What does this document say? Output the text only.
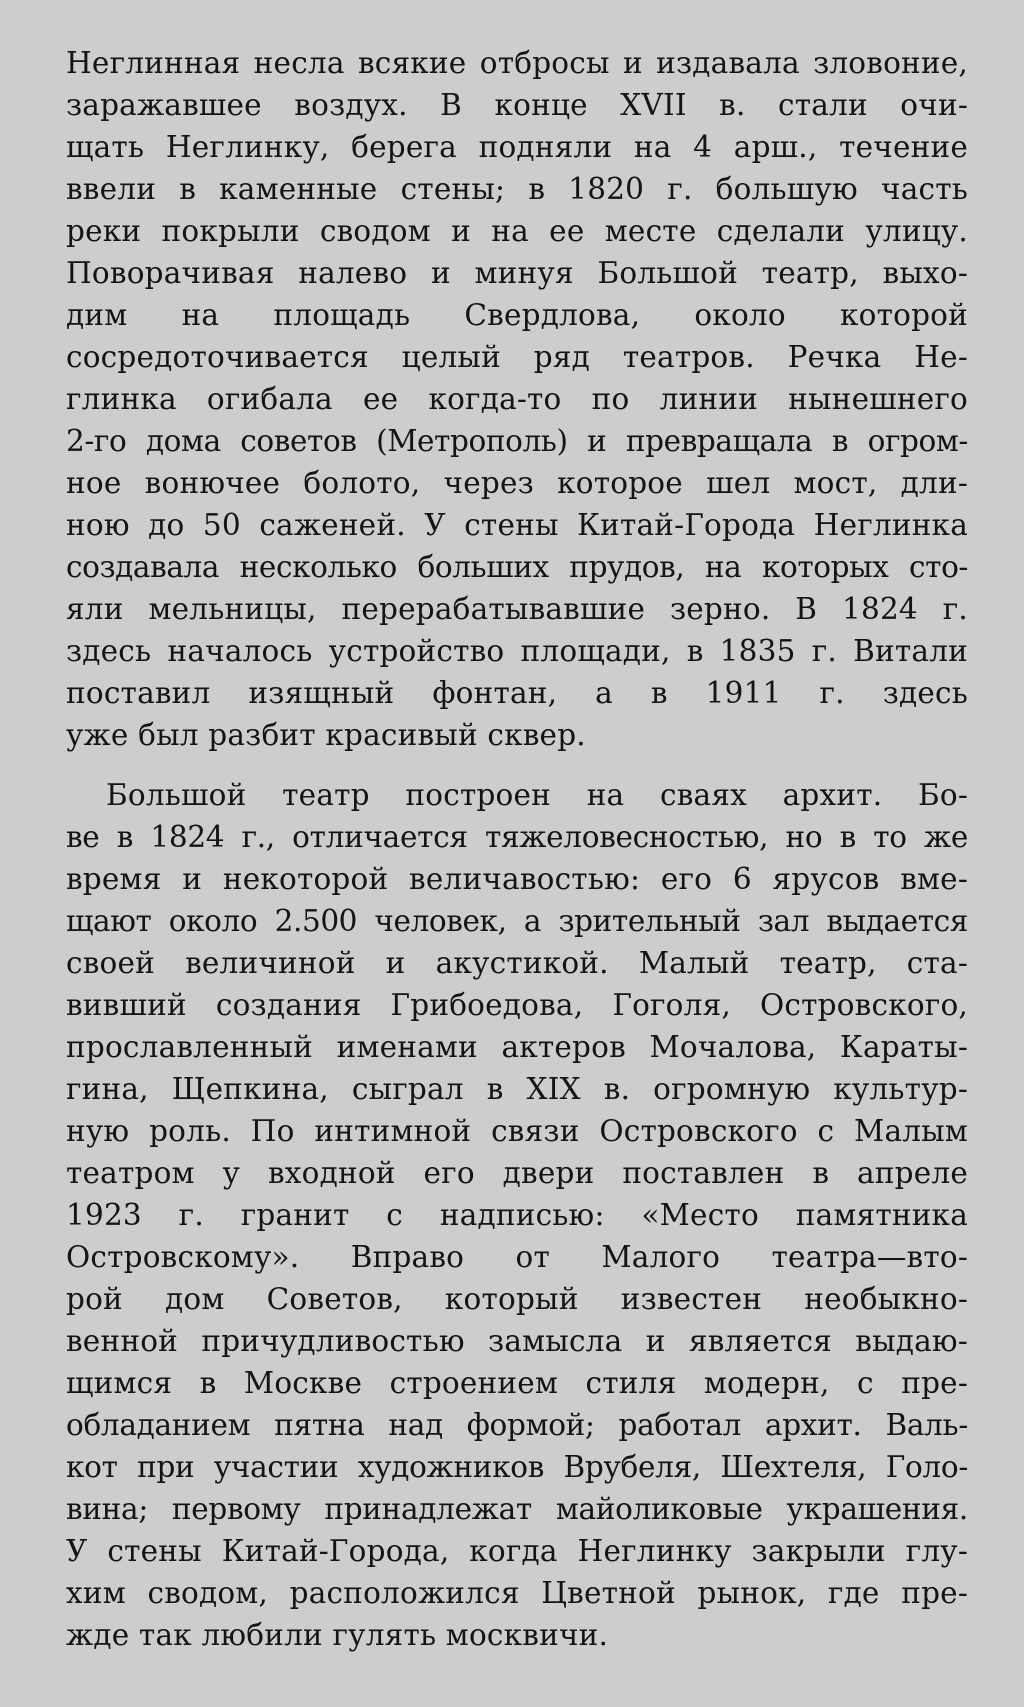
Неглинная несла всякие отбросы и издавала зловоние,
заражавшее воздух. В конце XVII в. стали очи-
щать Неглинку, берега подняли на 4 арш., течение
ввели в каменные стены; в 1820 г. большую часть
реки покрыли сводом и на ее месте сделали улицу.
Поворачивая налево и минуя Большой театр, выхо-
дим на площадь Свердлова, около которой
сосредоточивается целый ряд театров. Речка Не-
глинка огибала ее когда-то по линии нынешнего
2-го дома советов (Метрополь) и превращала в огром-
ное вонючее болото, через которое шел мост, дли-
ною до 50 саженей. У стены Китай-Города Неглинка
создавала несколько больших прудов, на которых сто-
яли мельницы, перерабатывавшие зерно. В 1824 г.
здесь началось устройство площади, в 1835 г. Витали
поставил изящный фонтан, а в 1911 г. здесь
уже был разбит красивый сквер.
Большой театр построен на сваях архит. Бо-
ве в 1824 г., отличается тяжеловесностью, но в то же
время и некоторой величавостью: его 6 ярусов вме-
щают около 2.500 человек, а зрительный зал выдается
своей величиной и акустикой. Малый театр, ста-
вивший создания Грибоедова, Гоголя, Островского,
прославленный именами актеров Мочалова, Караты-
гина, Щепкина, сыграл в XIX в. огромную культур-
ную роль. По интимной связи Островского с Малым
театром у входной его двери поставлен в апреле
1923 г. гранит с надписью: «Место памятника
Островскому». Вправо от Малого театра—вто-
рой дом Советов, который известен необыкно-
венной причудливостью замысла и является выдаю-
щимся в Москве строением стиля модерн, с пре-
обладанием пятна над формой; работал архит. Валь-
кот при участии художников Врубеля, Шехтеля, Голо-
вина; первому принадлежат майоликовые украшения.
У стены Китай-Города, когда Неглинку закрыли глу-
хим сводом, расположился Цветной рынок, где пре-
жде так любили гулять москвичи.
